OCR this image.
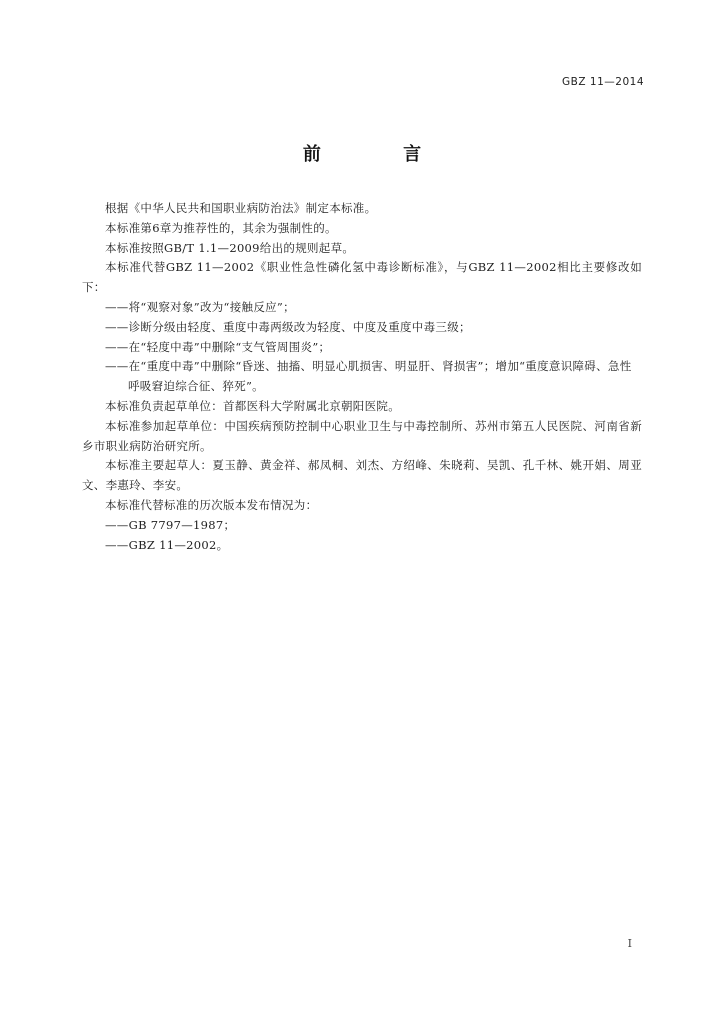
GBZ 11—2014
前 言

根据《中华人民共和国职业病防治法》制定本标准。

本标准第6章为推荐性的，其余为强制性的。

本标准按照GB/T 1.1—2009给出的规则起草。

本标准代替GBZ 11—2002《职业性急性磷化氢中毒诊断标准》，与GBZ 11—2002相比主要修改如下：

——将“观察对象”改为“接触反应”；

——诊断分级由轻度、重度中毒两级改为轻度、中度及重度中毒三级；

——在“轻度中毒”中删除“支气管周围炎”；

——在“重度中毒”中删除“昏迷、抽搐、明显心肌损害、明显肝、肾损害”；增加“重度意识障碍、急性
呼吸窘迫综合征、猝死”。

本标准负责起草单位：首都医科大学附属北京朝阳医院。

本标准参加起草单位：中国疾病预防控制中心职业卫生与中毒控制所、苏州市第五人民医院、河南省新乡市职业病防治研究所。

本标准主要起草人：夏玉静、黄金祥、郝凤桐、刘杰、方绍峰、朱晓莉、吴凯、孔千林、姚开娟、周亚文、李惠玲、李安。

本标准代替标准的历次版本发布情况为：

——GB 7797—1987；

——GBZ 11—2002。

I
